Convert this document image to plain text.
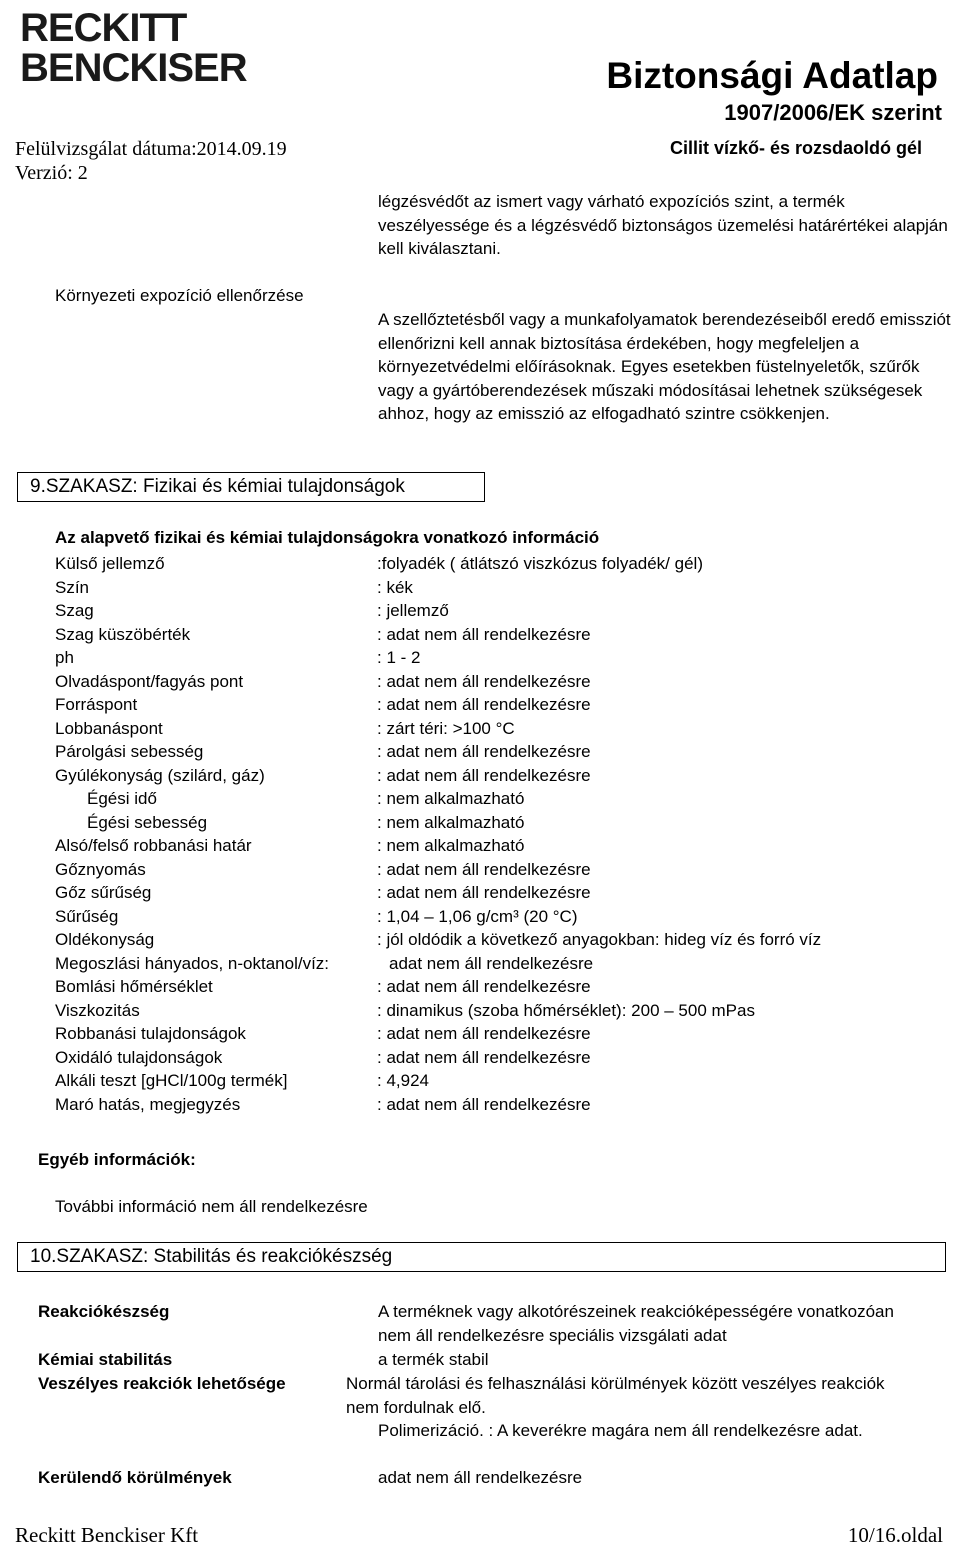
RECKITT
BENCKISER	Biztonsági Adatlap
1907/2006/EK szerint
Cillit vízkő- és rozsdaoldó gél
Felülvizsgálat dátuma:2014.09.19
Verzió: 2
légzésvédőt az ismert vagy várható expozíciós szint, a termék veszélyessége és a légzésvédő biztonságos üzemelési határértékei alapján kell kiválasztani.
Környezeti expozíció ellenőrzése
A szellőztetésből vagy a munkafolyamatok berendezéseiből eredő emissziót ellenőrizni kell annak biztosítása érdekében, hogy megfeleljen a környezetvédelmi előírásoknak. Egyes esetekben füstelnyeletők, szűrők vagy a gyártóberendezések műszaki módosításai lehetnek szükségesek ahhoz, hogy az emisszió az elfogadható szintre csökkenjen.
9.SZAKASZ: Fizikai és kémiai tulajdonságok
Az alapvető fizikai és kémiai tulajdonságokra vonatkozó információ
Külső jellemző	:folyadék ( átlátszó viszkózus folyadék/ gél)
Szín	: kék
Szag	: jellemző
Szag küszöbérték	: adat nem áll rendelkezésre
ph	: 1 - 2
Olvadáspont/fagyás pont	: adat nem áll rendelkezésre
Forráspont	: adat nem áll rendelkezésre
Lobbanáspont	: zárt téri: >100 °C
Párolgási sebesség	: adat nem áll rendelkezésre
Gyúlékonyság (szilárd, gáz)	: adat nem áll rendelkezésre
Égési idő	: nem alkalmazható
Égési sebesség	: nem alkalmazható
Alsó/felső robbanási határ	: nem alkalmazható
Gőznyomás	: adat nem áll rendelkezésre
Gőz sűrűség	: adat nem áll rendelkezésre
Sűrűség	: 1,04 – 1,06 g/cm³ (20 °C)
Oldékonyság	: jól oldódik a következő anyagokban: hideg víz és forró víz
Megoszlási hányados, n-oktanol/víz:	adat nem áll rendelkezésre
Bomlási hőmérséklet	: adat nem áll rendelkezésre
Viszkozitás	: dinamikus (szoba hőmérséklet): 200 – 500 mPas
Robbanási tulajdonságok	: adat nem áll rendelkezésre
Oxidáló tulajdonságok	: adat nem áll rendelkezésre
Alkáli teszt [gHCl/100g termék]	: 4,924
Maró hatás, megjegyzés	: adat nem áll rendelkezésre
Egyéb információk:
További információ nem áll rendelkezésre
10.SZAKASZ: Stabilitás és reakciókészség
Reakciókészség	A terméknek vagy alkotórészeinek reakcióképességére vonatkozóan nem áll rendelkezésre speciális vizsgálati adat
Kémiai stabilitás	a termék stabil
Veszélyes reakciók lehetősége	Normál tárolási és felhasználási körülmények között veszélyes reakciók nem fordulnak elő.
Polimerizáció. : A keverékre magára nem áll rendelkezésre adat.
Kerülendő körülmények	adat nem áll rendelkezésre
Reckitt Benckiser Kft	10/16.oldal
